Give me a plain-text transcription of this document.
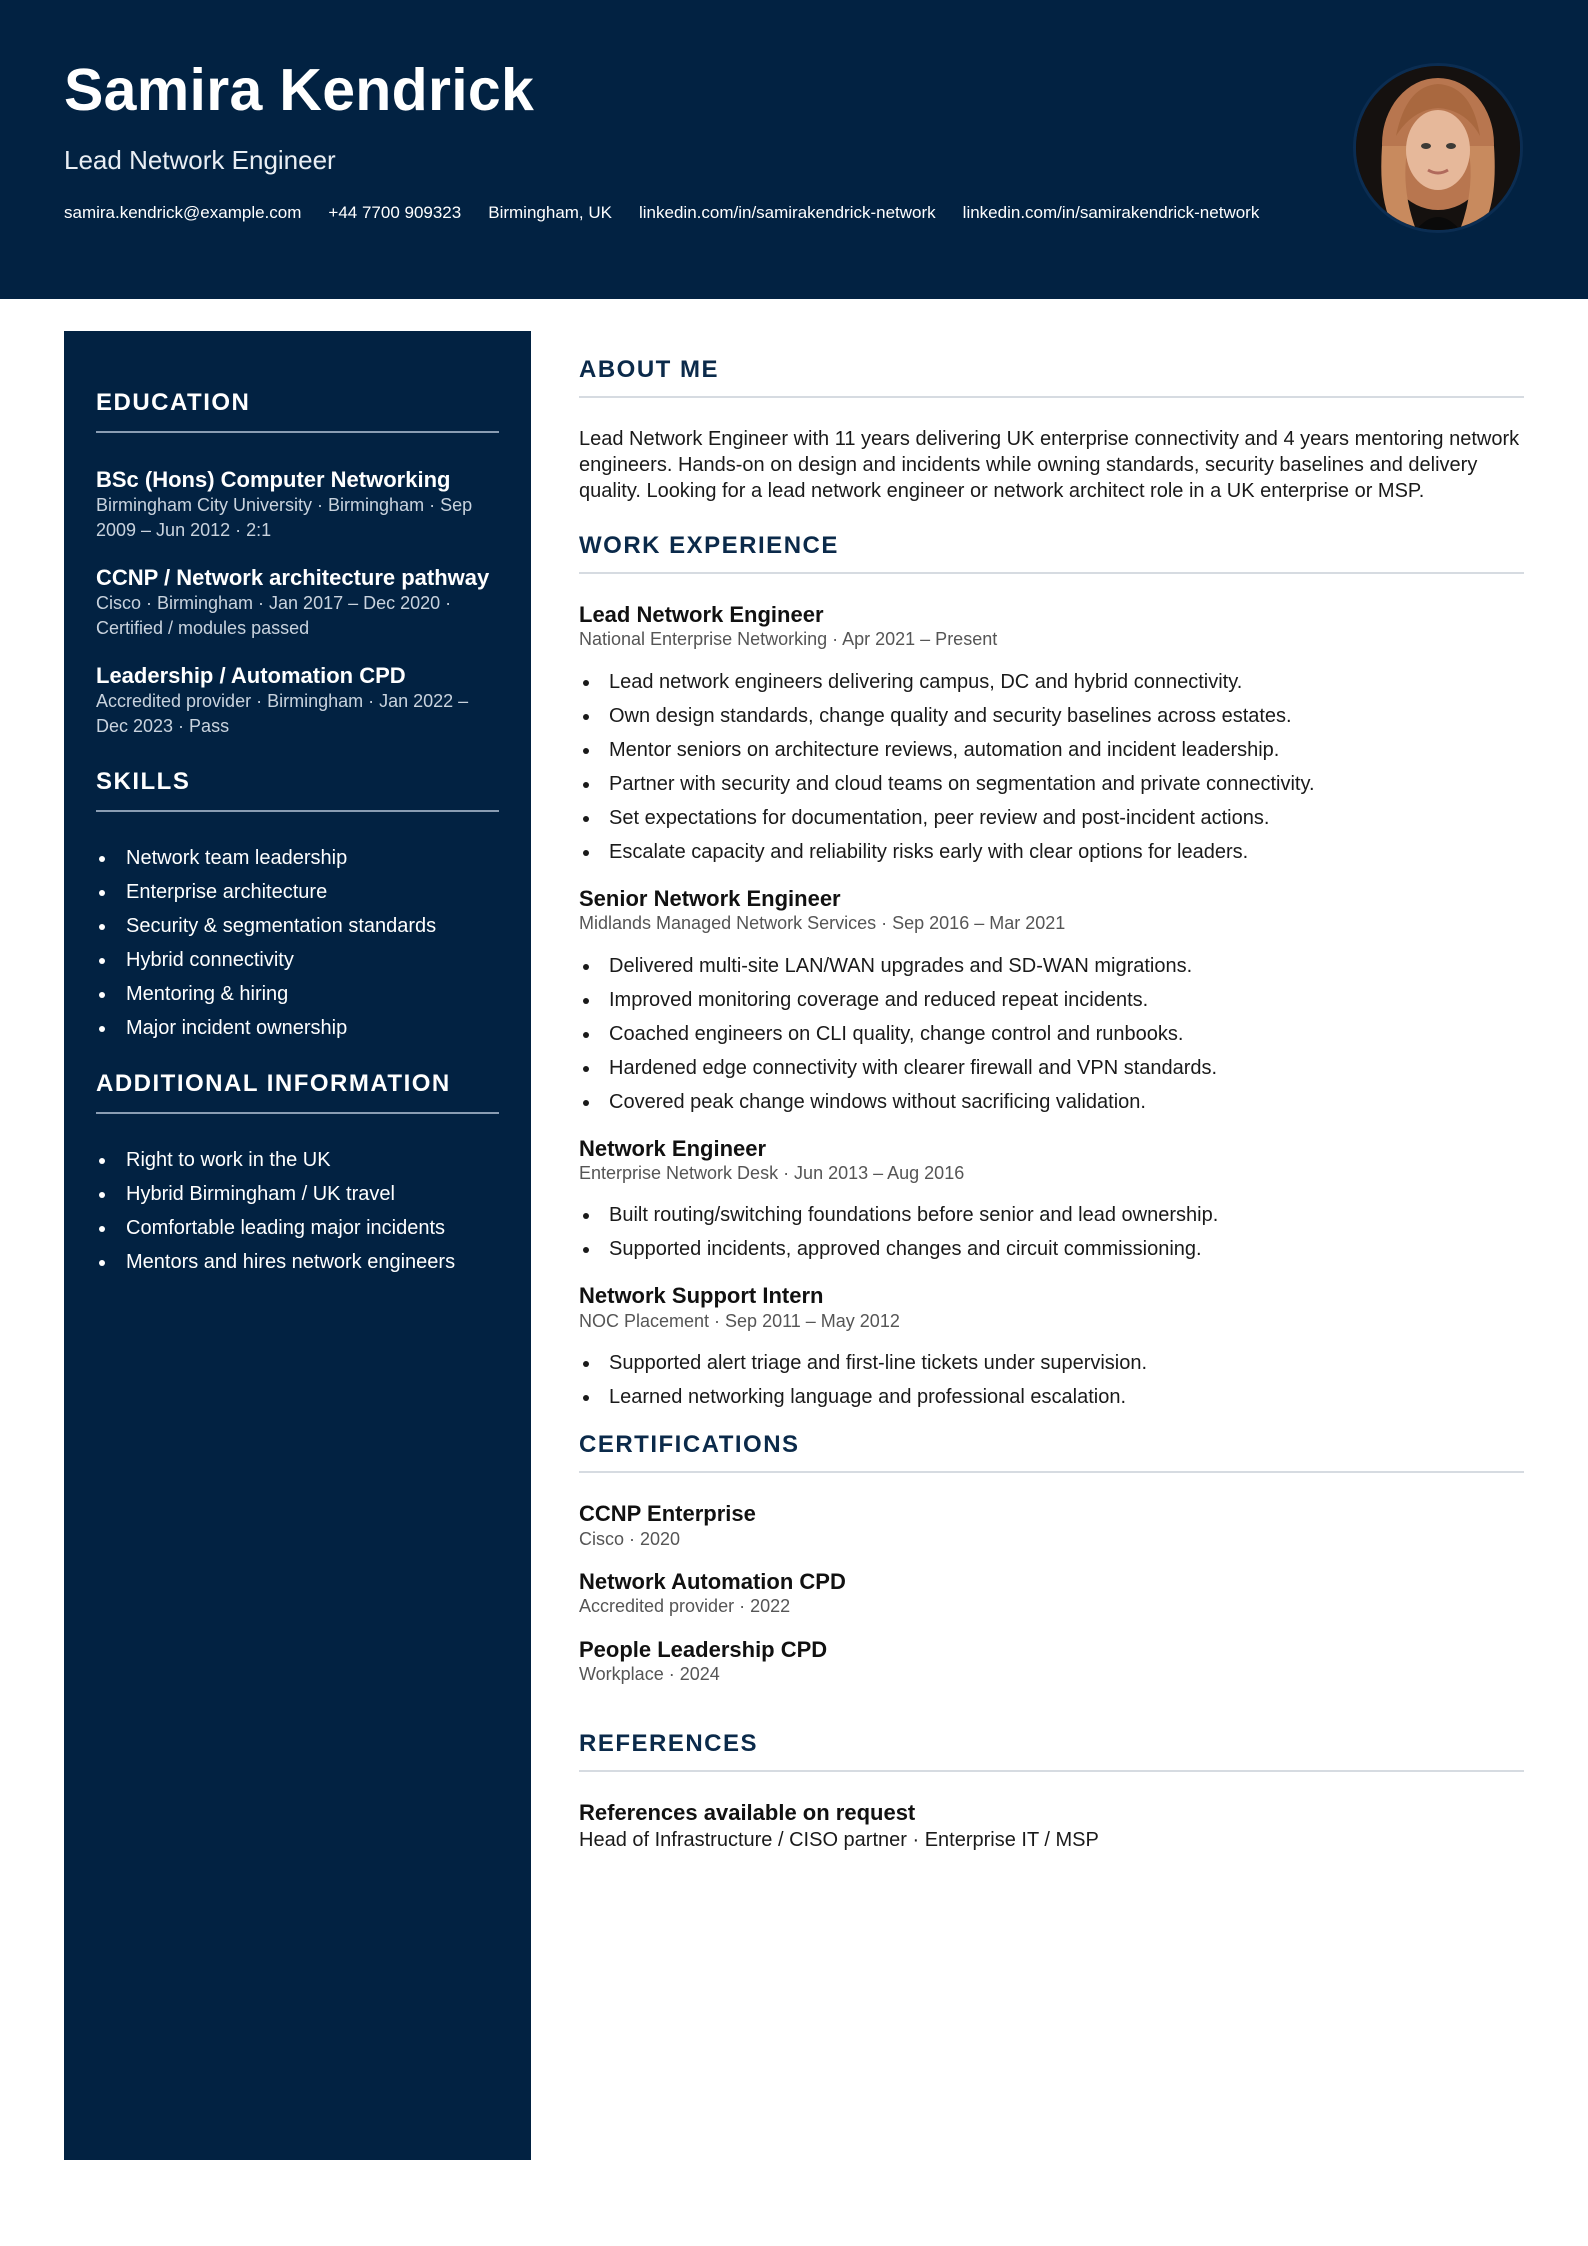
Samira Kendrick
Lead Network Engineer
samira.kendrick@example.com +44 7700 909323 Birmingham, UK linkedin.com/in/samirakendrick-network linkedin.com/in/samirakendrick-network
EDUCATION
BSc (Hons) Computer Networking
Birmingham City University · Birmingham · Sep 2009 – Jun 2012 · 2:1
CCNP / Network architecture pathway
Cisco · Birmingham · Jan 2017 – Dec 2020 · Certified / modules passed
Leadership / Automation CPD
Accredited provider · Birmingham · Jan 2022 – Dec 2023 · Pass
SKILLS
Network team leadership
Enterprise architecture
Security & segmentation standards
Hybrid connectivity
Mentoring & hiring
Major incident ownership
ADDITIONAL INFORMATION
Right to work in the UK
Hybrid Birmingham / UK travel
Comfortable leading major incidents
Mentors and hires network engineers
ABOUT ME

Lead Network Engineer with 11 years delivering UK enterprise connectivity and 4 years mentoring network engineers. Hands-on on design and incidents while owning standards, security baselines and delivery quality. Looking for a lead network engineer or network architect role in a UK enterprise or MSP.

WORK EXPERIENCE
Lead Network Engineer
National Enterprise Networking · Apr 2021 – Present
Lead network engineers delivering campus, DC and hybrid connectivity.
Own design standards, change quality and security baselines across estates.
Mentor seniors on architecture reviews, automation and incident leadership.
Partner with security and cloud teams on segmentation and private connectivity.
Set expectations for documentation, peer review and post-incident actions.
Escalate capacity and reliability risks early with clear options for leaders.
Senior Network Engineer
Midlands Managed Network Services · Sep 2016 – Mar 2021
Delivered multi-site LAN/WAN upgrades and SD-WAN migrations.
Improved monitoring coverage and reduced repeat incidents.
Coached engineers on CLI quality, change control and runbooks.
Hardened edge connectivity with clearer firewall and VPN standards.
Covered peak change windows without sacrificing validation.
Network Engineer
Enterprise Network Desk · Jun 2013 – Aug 2016
Built routing/switching foundations before senior and lead ownership.
Supported incidents, approved changes and circuit commissioning.
Network Support Intern
NOC Placement · Sep 2011 – May 2012
Supported alert triage and first-line tickets under supervision.
Learned networking language and professional escalation.
CERTIFICATIONS
CCNP Enterprise
Cisco · 2020
Network Automation CPD
Accredited provider · 2022
People Leadership CPD
Workplace · 2024
REFERENCES
References available on request
Head of Infrastructure / CISO partner · Enterprise IT / MSP
